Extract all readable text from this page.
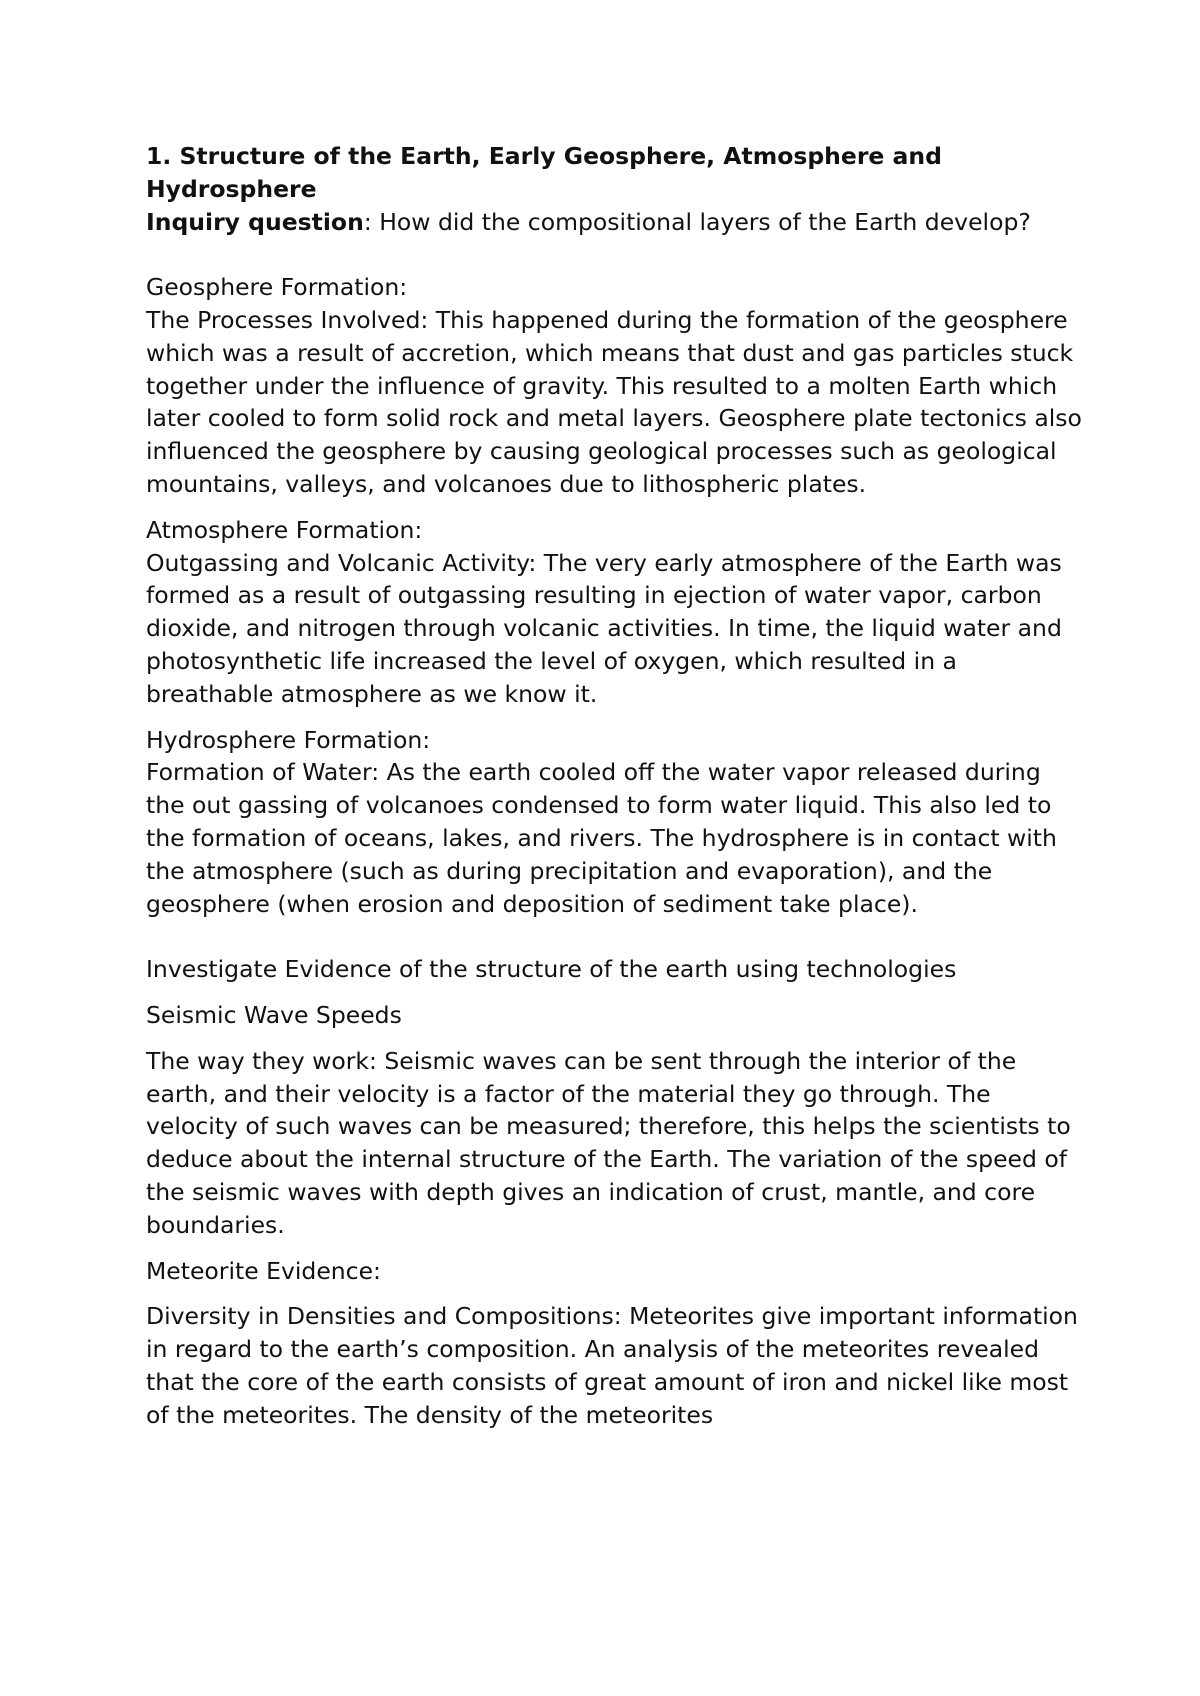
1. Structure of the Earth, Early Geosphere, Atmosphere and Hydrosphere

Inquiry question: How did the compositional layers of the Earth develop?

Geosphere Formation:

The Processes Involved: This happened during the formation of the geosphere which was a result of accretion, which means that dust and gas particles stuck together under the influence of gravity. This resulted to a molten Earth which later cooled to form solid rock and metal layers. Geosphere plate tectonics also influenced the geosphere by causing geological processes such as geological mountains, valleys, and volcanoes due to lithospheric plates.

Atmosphere Formation:

Outgassing and Volcanic Activity: The very early atmosphere of the Earth was formed as a result of outgassing resulting in ejection of water vapor, carbon dioxide, and nitrogen through volcanic activities. In time, the liquid water and photosynthetic life increased the level of oxygen, which resulted in a breathable atmosphere as we know it.

Hydrosphere Formation:

Formation of Water: As the earth cooled off the water vapor released during the out gassing of volcanoes condensed to form water liquid. This also led to the formation of oceans, lakes, and rivers. The hydrosphere is in contact with the atmosphere (such as during precipitation and evaporation), and the geosphere (when erosion and deposition of sediment take place).

Investigate Evidence of the structure of the earth using technologies

Seismic Wave Speeds

The way they work: Seismic waves can be sent through the interior of the earth, and their velocity is a factor of the material they go through. The velocity of such waves can be measured; therefore, this helps the scientists to deduce about the internal structure of the Earth. The variation of the speed of the seismic waves with depth gives an indication of crust, mantle, and core boundaries.

Meteorite Evidence:

Diversity in Densities and Compositions: Meteorites give important information in regard to the earth’s composition. An analysis of the meteorites revealed that the core of the earth consists of great amount of iron and nickel like most of the meteorites. The density of the meteorites
